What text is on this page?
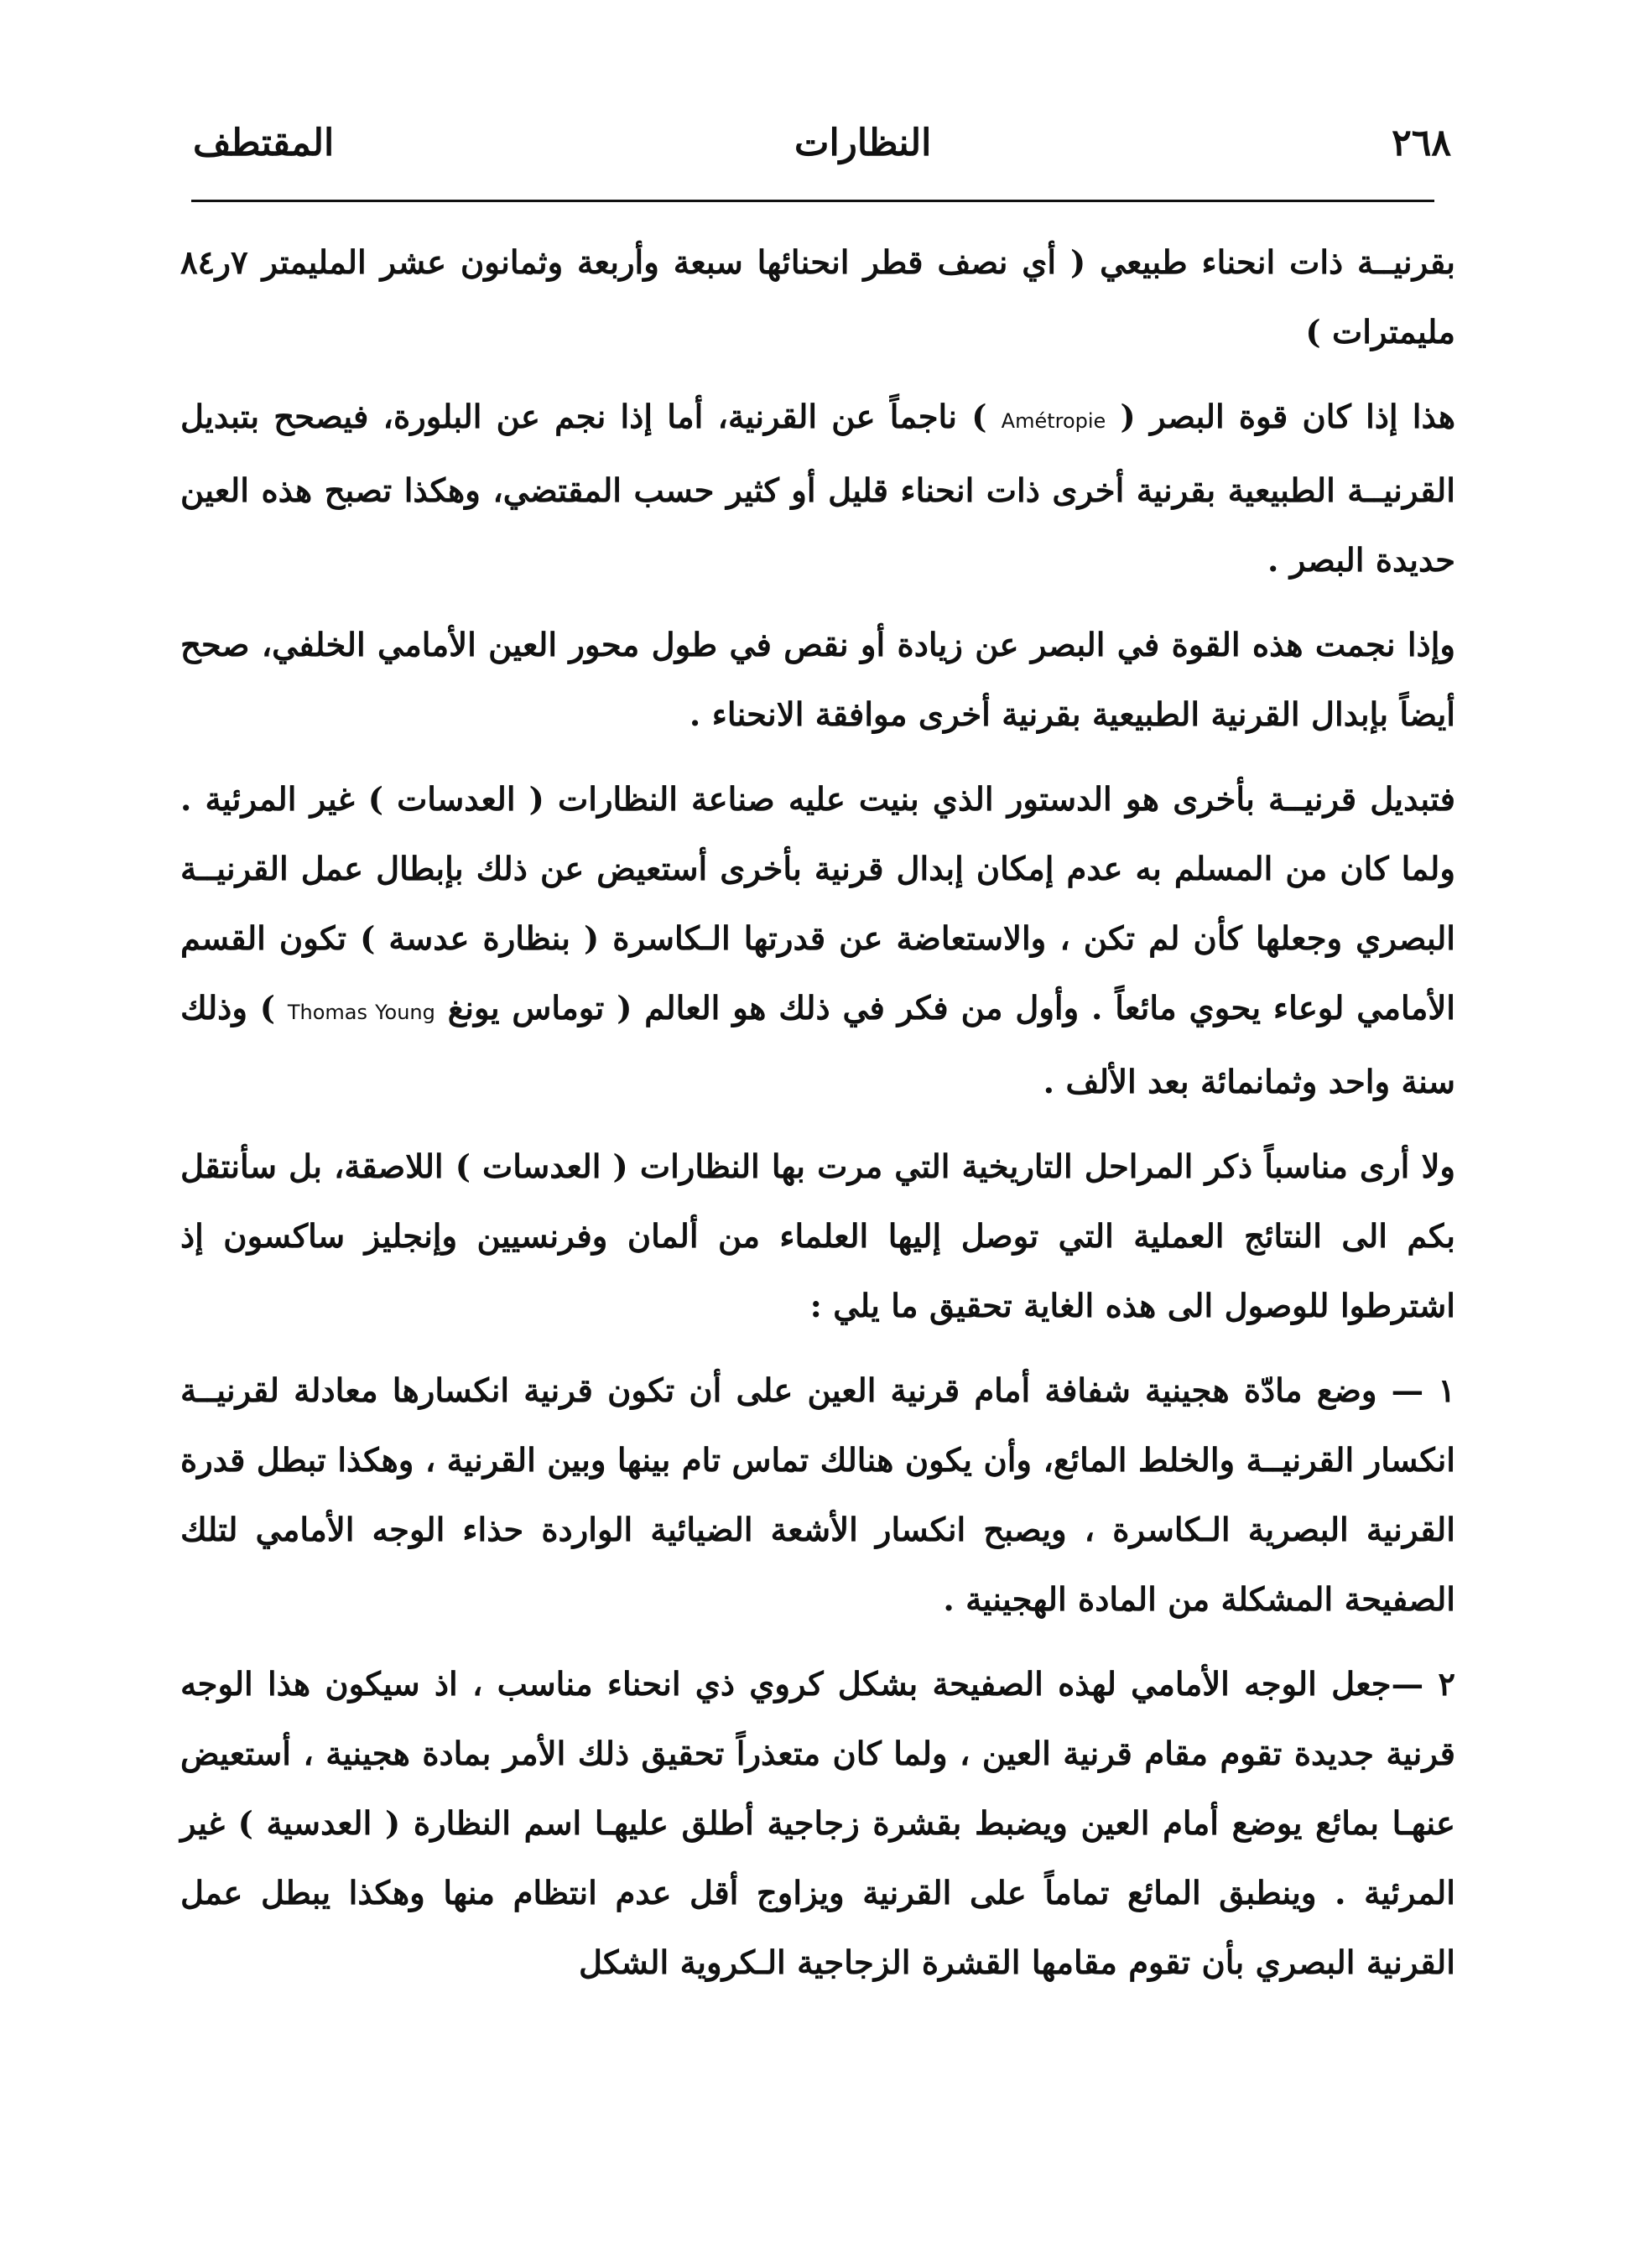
٢٦٨
النظارات
المقتطف

بقرنيــة ذات انحناء طبيعي ( أي نصف قطر انحنائها سبعة وأربعة وثمانون عشر المليمتر ٧ر٨٤ مليمترات )

هذا إذا كان قوة البصر ( Amétropie ) ناجماً عن القرنية، أما إذا نجم عن البلورة، فيصحح بتبديل القرنيــة الطبيعية بقرنية أخرى ذات انحناء قليل أو كثير حسب المقتضي، وهكذا تصبح هذه العين حديدة البصر .

وإذا نجمت هذه القوة في البصر عن زيادة أو نقص في طول محور العين الأمامي الخلفي، صحح أيضاً بإبدال القرنية الطبيعية بقرنية أخرى موافقة الانحناء .

فتبديل قرنيــة بأخرى هو الدستور الذي بنيت عليه صناعة النظارات ( العدسات ) غير المرئية . ولما كان من المسلم به عدم إمكان إبدال قرنية بأخرى أستعيض عن ذلك بإبطال عمل القرنيــة البصري وجعلها كأن لم تكن ، والاستعاضة عن قدرتها الـكاسرة ( بنظارة عدسة ) تكون القسم الأمامي لوعاء يحوي مائعاً . وأول من فكر في ذلك هو العالم ( توماس يونغ Thomas Young ) وذلك سنة واحد وثمانمائة بعد الألف .

ولا أرى مناسباً ذكر المراحل التاريخية التي مرت بها النظارات ( العدسات ) اللاصقة، بل سأنتقل بكم الى النتائج العملية التي توصل إليها العلماء من ألمان وفرنسيين وإنجليز ساكسون إذ اشترطوا للوصول الى هذه الغاية تحقيق ما يلي :

١ — وضع مادّة هجينية شفافة أمام قرنية العين على أن تكون قرنية انكسارها معادلة لقرنيــة انكسار القرنيــة والخلط المائع، وأن يكون هنالك تماس تام بينها وبين القرنية ، وهكذا تبطل قدرة القرنية البصرية الـكاسرة ، ويصبح انكسار الأشعة الضيائية الواردة حذاء الوجه الأمامي لتلك الصفيحة المشكلة من المادة الهجينية .

٢ —جعل الوجه الأمامي لهذه الصفيحة بشكل كروي ذي انحناء مناسب ، اذ سيكون هذا الوجه قرنية جديدة تقوم مقام قرنية العين ، ولما كان متعذراً تحقيق ذلك الأمر بمادة هجينية ، أستعيض عنهـا بمائع يوضع أمام العين ويضبط بقشرة زجاجية أطلق عليهـا اسم النظارة ( العدسية ) غير المرئية . وينطبق المائع تماماً على القرنية ويزاوج أقل عدم انتظام منها وهكذا يبطل عمل القرنية البصري بأن تقوم مقامها القشرة الزجاجية الـكروية الشكل
